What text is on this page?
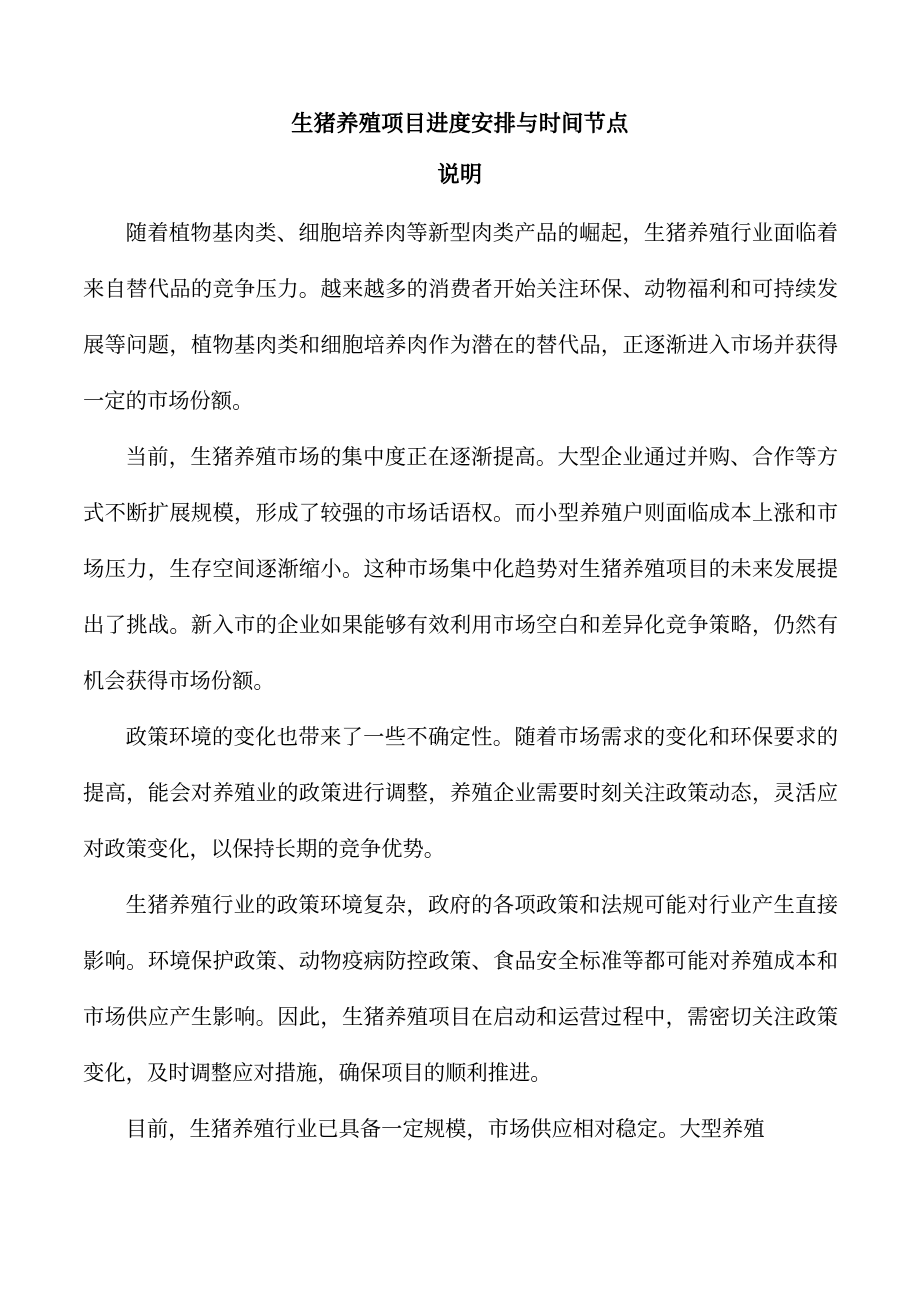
生猪养殖项目进度安排与时间节点
说明

随着植物基肉类、细胞培养肉等新型肉类产品的崛起，生猪养殖行业面临着来自替代品的竞争压力。越来越多的消费者开始关注环保、动物福利和可持续发展等问题，植物基肉类和细胞培养肉作为潜在的替代品，正逐渐进入市场并获得一定的市场份额。

当前，生猪养殖市场的集中度正在逐渐提高。大型企业通过并购、合作等方式不断扩展规模，形成了较强的市场话语权。而小型养殖户则面临成本上涨和市场压力，生存空间逐渐缩小。这种市场集中化趋势对生猪养殖项目的未来发展提出了挑战。新入市的企业如果能够有效利用市场空白和差异化竞争策略，仍然有机会获得市场份额。

政策环境的变化也带来了一些不确定性。随着市场需求的变化和环保要求的提高，能会对养殖业的政策进行调整，养殖企业需要时刻关注政策动态，灵活应对政策变化，以保持长期的竞争优势。

生猪养殖行业的政策环境复杂，政府的各项政策和法规可能对行业产生直接影响。环境保护政策、动物疫病防控政策、食品安全标准等都可能对养殖成本和市场供应产生影响。因此，生猪养殖项目在启动和运营过程中，需密切关注政策变化，及时调整应对措施，确保项目的顺利推进。

目前，生猪养殖行业已具备一定规模，市场供应相对稳定。大型养殖
